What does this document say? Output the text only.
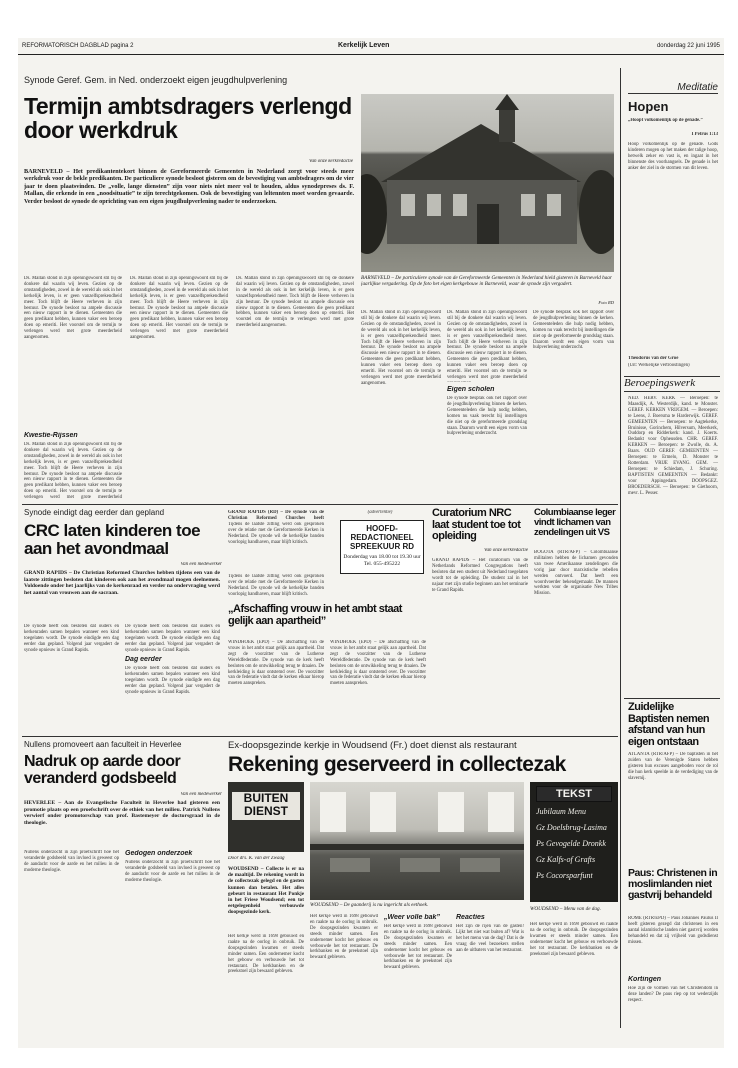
REFORMATORISCH DAGBLAD pagina 2	Kerkelijk Leven	donderdag 22 juni 1995
Synode Geref. Gem. in Ned. onderzoekt eigen jeugdhulpverlening
Termijn ambtsdragers verlengd door werkdruk
Van onze kerkredactie
BARNEVELD – Het predikantentekort binnen de Gereformeerde Gemeenten in Nederland zorgt voor steeds meer werkdruk voor de bekle predikanten. De particuliere synode besloot gisteren om de bevestiging van ambtsdragers om de vier jaar te doen plaatsvinden. De „volle, lange diensten” zijn voor niets niet meer vol te houden, aldus synodepreses ds. F. Mallan, die erkende in een „noodsituatie” te zijn terechtgekomen. Ook de bevestiging van leltennten moet worden gevaarde. Verder besloot de synode de oprichting van een eigen jeugdhulpverlening nader te onderzoeken.
Ds. Mallan stond in zijn openingswoord stil bij de donkere dal waarin wij leven. Gezien op de omstandigheden, zowel in de wereld als ook in het kerkelijk leven, is er geen vanzelfsprekendheid meer. Toch blijft de Heere verheven in zijn bestuur. De synode besloot na ampele discussie een nieuw rapport in te dienen. Gemeenten die geen predikant hebben, kunnen vaker een beroep doen op emeriti. Het voorstel om de termijn te verlengen werd met grote meerderheid aangenomen.
Kwestie-Rijssen
Ds. Mallan stond in zijn openingswoord stil bij de donkere dal waarin wij leven. Gezien op de omstandigheden, zowel in de wereld als ook in het kerkelijk leven, is er geen vanzelfsprekendheid meer. Toch blijft de Heere verheven in zijn bestuur. De synode besloot na ampele discussie een nieuw rapport in te dienen. Gemeenten die geen predikant hebben, kunnen vaker een beroep doen op emeriti. Het voorstel om de termijn te verlengen werd met grote meerderheid
Ds. Mallan stond in zijn openingswoord stil bij de donkere dal waarin wij leven. Gezien op de omstandigheden, zowel in de wereld als ook in het kerkelijk leven, is er geen vanzelfsprekendheid meer. Toch blijft de Heere verheven in zijn bestuur. De synode besloot na ampele discussie een nieuw rapport in te dienen. Gemeenten die geen predikant hebben, kunnen vaker een beroep doen op emeriti. Het voorstel om de termijn te verlengen werd met grote meerderheid aangenomen.
Ds. Mallan stond in zijn openingswoord stil bij de donkere dal waarin wij leven. Gezien op de omstandigheden, zowel in de wereld als ook in het kerkelijk leven, is er geen vanzelfsprekendheid meer. Toch blijft de Heere verheven in zijn bestuur. De synode besloot na ampele discussie een nieuw rapport in te dienen. Gemeenten die geen predikant hebben, kunnen vaker een beroep doen op emeriti. Het voorstel om de termijn te verlengen werd met grote meerderheid aangenomen.
BARNEVELD – De particuliere synode van de Gereformeerde Gemeenten in Nederland hield gisteren in Barneveld haar jaarlijkse vergadering. Op de foto het eigen kerkgebouw in Barneveld, waar de synode zijn vergadert.
Foto RD
Ds. Mallan stond in zijn openingswoord stil bij de donkere dal waarin wij leven. Gezien op de omstandigheden, zowel in de wereld als ook in het kerkelijk leven, is er geen vanzelfsprekendheid meer. Toch blijft de Heere verheven in zijn bestuur. De synode besloot na ampele discussie een nieuw rapport in te dienen. Gemeenten die geen predikant hebben, kunnen vaker een beroep doen op emeriti. Het voorstel om de termijn te verlengen werd met grote meerderheid aangenomen.
Ds. Mallan stond in zijn openingswoord stil bij de donkere dal waarin wij leven. Gezien op de omstandigheden, zowel in de wereld als ook in het kerkelijk leven, is er geen vanzelfsprekendheid meer. Toch blijft de Heere verheven in zijn bestuur. De synode besloot na ampele discussie een nieuw rapport in te dienen. Gemeenten die geen predikant hebben, kunnen vaker een beroep doen op emeriti. Het voorstel om de termijn te verlengen werd met grote meerderheid
Eigen scholen
De synode besprak ook het rapport over de jeugdhulpverlening binnen de kerken. Gemeenteleden die hulp nodig hebben, komen nu vaak terecht bij instellingen die niet op de gereformeerde grondslag staan. Daarom wordt een eigen vorm van hulpverlening onderzocht.
De synode besprak ook het rapport over de jeugdhulpverlening binnen de kerken. Gemeenteleden die hulp nodig hebben, komen nu vaak terecht bij instellingen die niet op de gereformeerde grondslag staan. Daarom wordt een eigen vorm van hulpverlening onderzocht.
Meditatie
Hopen
„Hoopt volkomenlijk op de genade.”
I Petrus 1:13
Hoop volkomenlijk op de genade. Gods kinderen mogen op het maken der talige hoop, hetwelk zeker en vast is, en ingaat in het binnenste des voorhangsels. De genade is het anker der ziel in de stormen van dit leven.
Theodorus van der Groe
(Uit: Werkelijke vertroostingen)
Beroepingswerk
NED. HERV. KERK — Beroepen: te Maasdijk, A. Westerdijk, kand. te Monster. GEREF. KERKEN VRIJGEM. — Beroepen: te Leens, J. Boersma te Harderwijk. GEREF. GEMEENTEN — Beroepen: te Aagtekerke, Bruinisse, Gorinchem, Hilversum, Meerkerk, Ouddorp en Ridderkerk: kand. J. Koerts. Bedankt voor Opheusden. CHR. GEREF. KERKEN — Beroepen: te Zwolle, ds. A. Baars. OUD GEREF. GEMEENTEN — Beroepen: te Ermelo, D. Monster te Rotterdam. VRIJE EVANG. GEM. — Beroepen: te Schiedam, J. Schuring. BAPTISTEN GEMEENTEN — Bedankt: voor Appingedam. DOOPSGEZ. BROEDERSCH. — Beroepen: te Giethoorn, mevr. L. Pesser.
Synode eindigt dag eerder dan gepland
CRC laten kinderen toe aan het avondmaal
Van een medewerker
GRAND RAPIDS – De Christian Reformed Churches hebben tijdens een van de laatste zittingen besloten dat kinderen ook aan het avondmaal mogen deelnemen. Voldoende onder het jaarlijks van de kerkenraad en verder na ondervraging werd het aantal van vrouwen aan de sacraan.
De synode heeft ook besloten dat ouders en kerkenraden samen bepalen wanneer een kind toegelaten wordt. De synode eindigde een dag eerder dan gepland. Volgend jaar vergadert de synode opnieuw in Grand Rapids.
De synode heeft ook besloten dat ouders en kerkenraden samen bepalen wanneer een kind toegelaten wordt. De synode eindigde een dag eerder dan gepland. Volgend jaar vergadert de synode opnieuw in Grand Rapids.
Dag eerder
De synode heeft ook besloten dat ouders en kerkenraden samen bepalen wanneer een kind toegelaten wordt. De synode eindigde een dag eerder dan gepland. Volgend jaar vergadert de synode opnieuw in Grand Rapids.
GRAND RAPIDS (RD) – De synode van de Christian Reformed Churches heeft
Tijdens de laatste zitting werd ook gesproken over de relatie met de Gereformeerde Kerken in Nederland. De synode wil de kerkelijke banden voorlopig handhaven, maar blijft kritisch.
Tijdens de laatste zitting werd ook gesproken over de relatie met de Gereformeerde Kerken in Nederland. De synode wil de kerkelijke banden voorlopig handhaven, maar blijft kritisch.
(advertentie)
HOOFD-REDACTIONEEL SPREEKUUR RD
Donderdag van 18.00 tot 19.30 uur
Tel. 055-495222
„Afschaffing vrouw in het ambt staat gelijk aan apartheid”
WINDHOEK (EPD) – De afschaffing van de vrouw in het ambt staat gelijk aan apartheid. Dat zegt de voorzitter van de Lutherse Wereldfederatie. De synode van de kerk heeft besloten om de ontwikkeling terug te draaien. De kerkleiding is daar ontstemd over. De voorzitter van de federatie vindt dat de kerken elkaar hierop moeten aanspreken.
WINDHOEK (EPD) – De afschaffing van de vrouw in het ambt staat gelijk aan apartheid. Dat zegt de voorzitter van de Lutherse Wereldfederatie. De synode van de kerk heeft besloten om de ontwikkeling terug te draaien. De kerkleiding is daar ontstemd over. De voorzitter van de federatie vindt dat de kerken elkaar hierop moeten aanspreken.
Curatorium NRC laat student toe tot opleiding
Van onze kerkredactie
GRAND RAPIDS – Het curatorium van de Netherlands Reformed Congregations heeft besloten dat een student uit Nederland toegelaten wordt tot de opleiding. De student zal in het najaar met zijn studie beginnen aan het seminarie te Grand Rapids.
Columbiaanse leger vindt lichamen van zendelingen uit VS
BOGOTA (RTR/AFP) – Colombiaanse militairen hebben de lichamen gevonden van twee Amerikaanse zendelingen die vorig jaar door marxistische rebellen werden ontvoerd. Dat heeft een woordvoerder bekendgemaakt. De mannen werkten voor de organisatie New Tribes Mission.
Nullens promoveert aan faculteit in Heverlee
Nadruk op aarde door veranderd godsbeeld
Van een medewerker
HEVERLEE – Aan de Evangelische Faculteit in Heverlee had gisteren een promotie plaats op een proefschrift over de ethiek van het milieu. Patrick Nullens verwierf onder promotorschap van prof. Bastemeyer de doctorsgraad in de theologie.
Nullens onderzocht in zijn proefschrift hoe het veranderde godsbeeld van invloed is geweest op de aandacht voor de aarde en het milieu in de moderne theologie.
Gedogen onderzoek
Nullens onderzocht in zijn proefschrift hoe het veranderde godsbeeld van invloed is geweest op de aandacht voor de aarde en het milieu in de moderne theologie.
Ex-doopsgezinde kerkje in Woudsend (Fr.) doet dienst als restaurant
Rekening geserveerd in collectezak
BUITEN DIENST
Door drs. K. van der Zwaag
WOUDSEND – Collecte is er na de maaltijd. De rekening wordt in de collectezak gelegd en de gasten kunnen dan betalen. Het alles gebeurt in restaurant Het Ponkje in het Friese Woudsend; een tot eetgelegenheid verbouwde doopsgezinde kerk.
Het kerkje werd in 1698 gebouwd en raakte na de oorlog in onbruik. De doopsgezinden kwamen er steeds minder samen. Een ondernemer kocht het gebouw en verbouwde het tot restaurant. De kerkbanken en de preekstoel zijn bewaard gebleven.
WOUDSEND – De gaanderij is nu ingericht als eethoek.
Het kerkje werd in 1698 gebouwd en raakte na de oorlog in onbruik. De doopsgezinden kwamen er steeds minder samen. Een ondernemer kocht het gebouw en verbouwde het tot restaurant. De kerkbanken en de preekstoel zijn bewaard gebleven.
„Weer volle bak”
Het kerkje werd in 1698 gebouwd en raakte na de oorlog in onbruik. De doopsgezinden kwamen er steeds minder samen. Een ondernemer kocht het gebouw en verbouwde het tot restaurant. De kerkbanken en de preekstoel zijn bewaard gebleven.
Reacties
Het zijn de rijen van de gasten! Lijkt het niet wat buiten af? Wat is het het menu van de dag? Dat is de vraag die veel bezoekers stellen aan de uitbaters van het restaurant.
TEKST
Jubilaum Menu
Gz Doelsbrug-Lasima
Ps Gevogelde Dronkk
Gz Kalfs-of Grafts
Ps Cocorsparfunt
WOUDSEND – Menu van de dag.
Het kerkje werd in 1698 gebouwd en raakte na de oorlog in onbruik. De doopsgezinden kwamen er steeds minder samen. Een ondernemer kocht het gebouw en verbouwde het tot restaurant. De kerkbanken en de preekstoel zijn bewaard gebleven.
Zuidelijke Baptisten nemen afstand van hun eigen ontstaan
ATLANTA (RTR/AFP) – De baptisten in het zuiden van de Verenigde Staten hebben gisteren hun excuses aangeboden voor de rol die hun kerk speelde in de verdediging van de slavernij.
Paus: Christenen in moslimlanden niet gastvrij behandeld
ROME (RTR/EPD) – Paus Johannes Paulus II heeft gisteren gezegd dat christenen in een aantal islamitische landen niet gastvrij worden behandeld en dat zij vrijheid van godsdienst missen.
Kortingen
Hoe zijn de vormen van het Christendom in deze landen? De paus riep op tot wederzijds respect.
